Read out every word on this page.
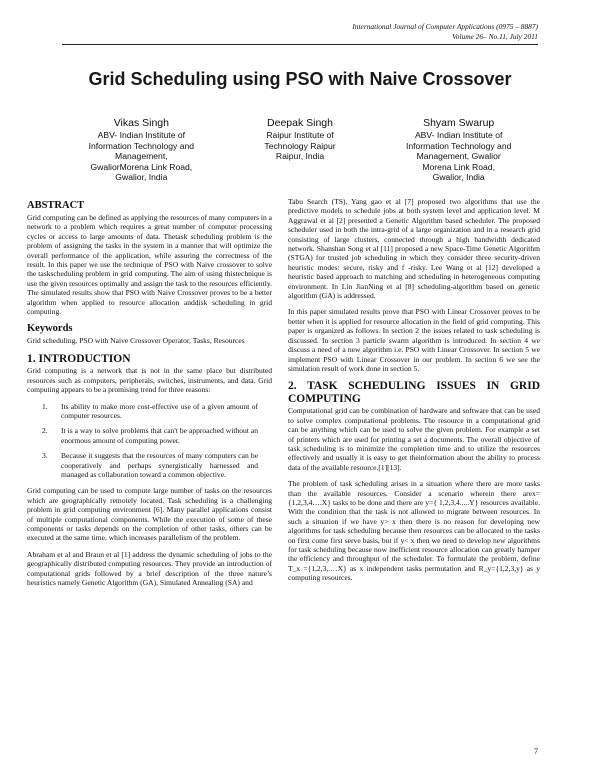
International Journal of Computer Applications (0975 – 8887)
Volume 26– No.11, July 2011
Grid Scheduling using PSO with Naive Crossover
Vikas Singh
ABV- Indian Institute of
Information Technology and
Management,
GwaliorMorena Link Road,
Gwalior, India
Deepak Singh
Raipur Institute of
Technology Raipur
Raipur, India
Shyam Swarup
ABV- Indian Institute of
Information Technology and
Management, Gwalior
Morena Link Road,
Gwalior, India
ABSTRACT

Grid computing can be defined as applying the resources of many computers in a network to a problem which requires a great number of computer processing cycles or access to large amounts of data. Thetask scheduling problem is the problem of assigning the tasks in the system in a manner that will optimize the overall performance of the application, while assuring the correctness of the result. In this paper we use the technique of PSO with Naive crossover to solve the taskscheduling problem in grid computing. The aim of using thistechnique is use the given resources optimally and assign the task to the resources efficiently. The simulated results show that PSO with Naive Crossover proves to be a better algorithm when applied to resource allocation anddisk scheduling in grid computing.

Keywords

Grid scheduling, PSO with Naive Crossover Operator, Tasks, Resources

1. INTRODUCTION

Grid computing is a network that is not in the same place but distributed resources such as computers, peripherals, switches, instruments, and data. Grid computing appears to be a promising trend for three reasons:

1.	Its ability to make more cost-effective use of a given amount of computer resources.
2.	It is a way to solve problems that can't be approached without an enormous amount of computing power.
3.	Because it suggests that the resources of many computers can be cooperatively and perhaps synergistically harnessed and managed as collaboration toward a common objective.

Grid computing can be used to compute large number of tasks on the resources which are geographically remotely located. Task scheduling is a challenging problem in grid computing environment [6]. Many parallel applications consist of multiple computational components. While the execution of some of these components or tasks depends on the completion of other tasks, others can be executed at the same time, which increases parallelism of the problem.

Abraham et al and Braun et al [1] address the dynamic scheduling of jobs to the geographically distributed computing resources. They provide an introduction of computational grids followed by a brief description of the three nature’s heuristics namely Genetic Algorithm (GA), Simulated Annealing (SA) and

Tabu Search (TS). Yang gao et al [7] proposed two algorithms that use the predictive models to schedule jobs at both system level and application level. M Aggrawal et al [2] presented a Genetic Algorithm based scheduler. The proposed scheduler used in both the intra-grid of a large organization and in a research grid consisting of large clusters, connected through a high bandwidth dedicated network. Shanshan Song et al [11] proposed a new Space-Time Genetic Algorithm (STGA) for trusted job scheduling in which they consider three security-driven heuristic modes: secure, risky and f -risky. Lee Wang et al [12] developed a heuristic based approach to matching and scheduling in heterogeneous computing environment. In Lin JianNing et al [8] scheduling-algorithm based on genetic algorithm (GA) is addressed.

In this paper simulated results prove that PSO with Linear Crossover proves to be better when it is applied for resource allocation in the field of grid computing. This paper is organized as follows. In section 2 the issues related to task scheduling is discussed. In section 3 particle swarm algorithm is introduced. In section 4 we discuss a need of a new algorithm i.e. PSO with Linear Crossover. In section 5 we implement PSO with Linear Crossover in our problem. In section 6 we see the simulation result of work done in section 5.

2. TASK SCHEDULING ISSUES IN GRID COMPUTING

Computational grid can be combination of hardware and software that can be used to solve complex computational problems. The resource in a computational grid can be anything which can be used to solve the given problem. For example a set of printers which are used for printing a set a documents. The overall objective of task scheduling is to minimize the completion time and to utilize the resources effectively and usually it is easy to get theinformation about the ability to process data of the available resource.[1][13].

The problem of task scheduling arises in a situation where there are more tasks than the available resources. Consider a scenario wherein there arex={1,2,3,4….X} tasks to be done and there are y={ 1,2,3,4.....Y} resources available. With the condition that the task is not allowed to migrate between resources. In such a situation if we have y> x then there is no reason for developing new algorithms for task scheduling because then resources can be allocated to the tasks on first come first serve basis, but if y< x then we need to develop new algorithms for task scheduling because now inefficient resource allocation can greatly hamper the efficiency and throughput of the scheduler. To formulate the problem, define T_x ={1,2,3,.…X} as x independent tasks permutation and R_y={1,2,3,y} as y computing resources.

7
